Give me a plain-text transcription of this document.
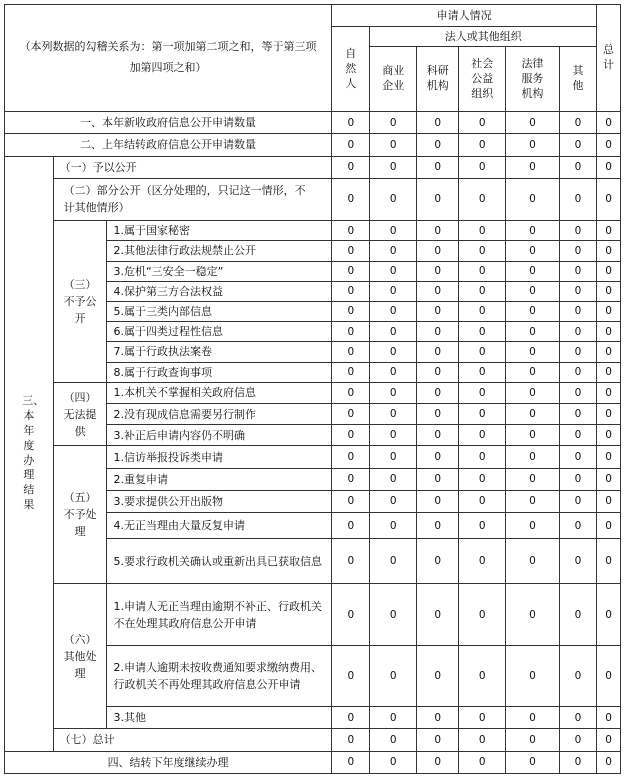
（本列数据的勾稽关系为：第一项加第二项之和，等于第三项加第四项之和）			申请人情况						总计
			自然人	法人或其他组织					
				商业企业	科研机构	社会公益组织	法律服务机构	其他	
一、本年新收政府信息公开申请数量			0	0	0	0	0	0	0
二、上年结转政府信息公开申请数量			0	0	0	0	0	0	0
三、本年度办理结果	（一）予以公开		0	0	0	0	0	0	0
	（二）部分公开（区分处理的，只记这一情形，不计其他情形）		0	0	0	0	0	0	0
	（三）不予公开	1.属于国家秘密	0	0	0	0	0	0	0
		2.其他法律行政法规禁止公开	0	0	0	0	0	0	0
		3.危机“三安全一稳定”	0	0	0	0	0	0	0
		4.保护第三方合法权益	0	0	0	0	0	0	0
		5.属于三类内部信息	0	0	0	0	0	0	0
		6.属于四类过程性信息	0	0	0	0	0	0	0
		7.属于行政执法案卷	0	0	0	0	0	0	0
		8.属于行政查询事项	0	0	0	0	0	0	0
	（四）无法提供	1.本机关不掌握相关政府信息	0	0	0	0	0	0	0
		2.没有现成信息需要另行制作	0	0	0	0	0	0	0
		3.补正后申请内容仍不明确	0	0	0	0	0	0	0
	（五）不予处理	1.信访举报投诉类申请	0	0	0	0	0	0	0
		2.重复申请	0	0	0	0	0	0	0
		3.要求提供公开出版物	0	0	0	0	0	0	0
		4.无正当理由大量反复申请	0	0	0	0	0	0	0
		5.要求行政机关确认或重新出具已获取信息	0	0	0	0	0	0	0
	（六）其他处理	1.申请人无正当理由逾期不补正、行政机关不在处理其政府信息公开申请	0	0	0	0	0	0	0
		2.申请人逾期未按收费通知要求缴纳费用、行政机关不再处理其政府信息公开申请	0	0	0	0	0	0	0
		3.其他	0	0	0	0	0	0	0
	（七）总计		0	0	0	0	0	0	0
四、结转下年度继续办理			0	0	0	0	0	0	0
